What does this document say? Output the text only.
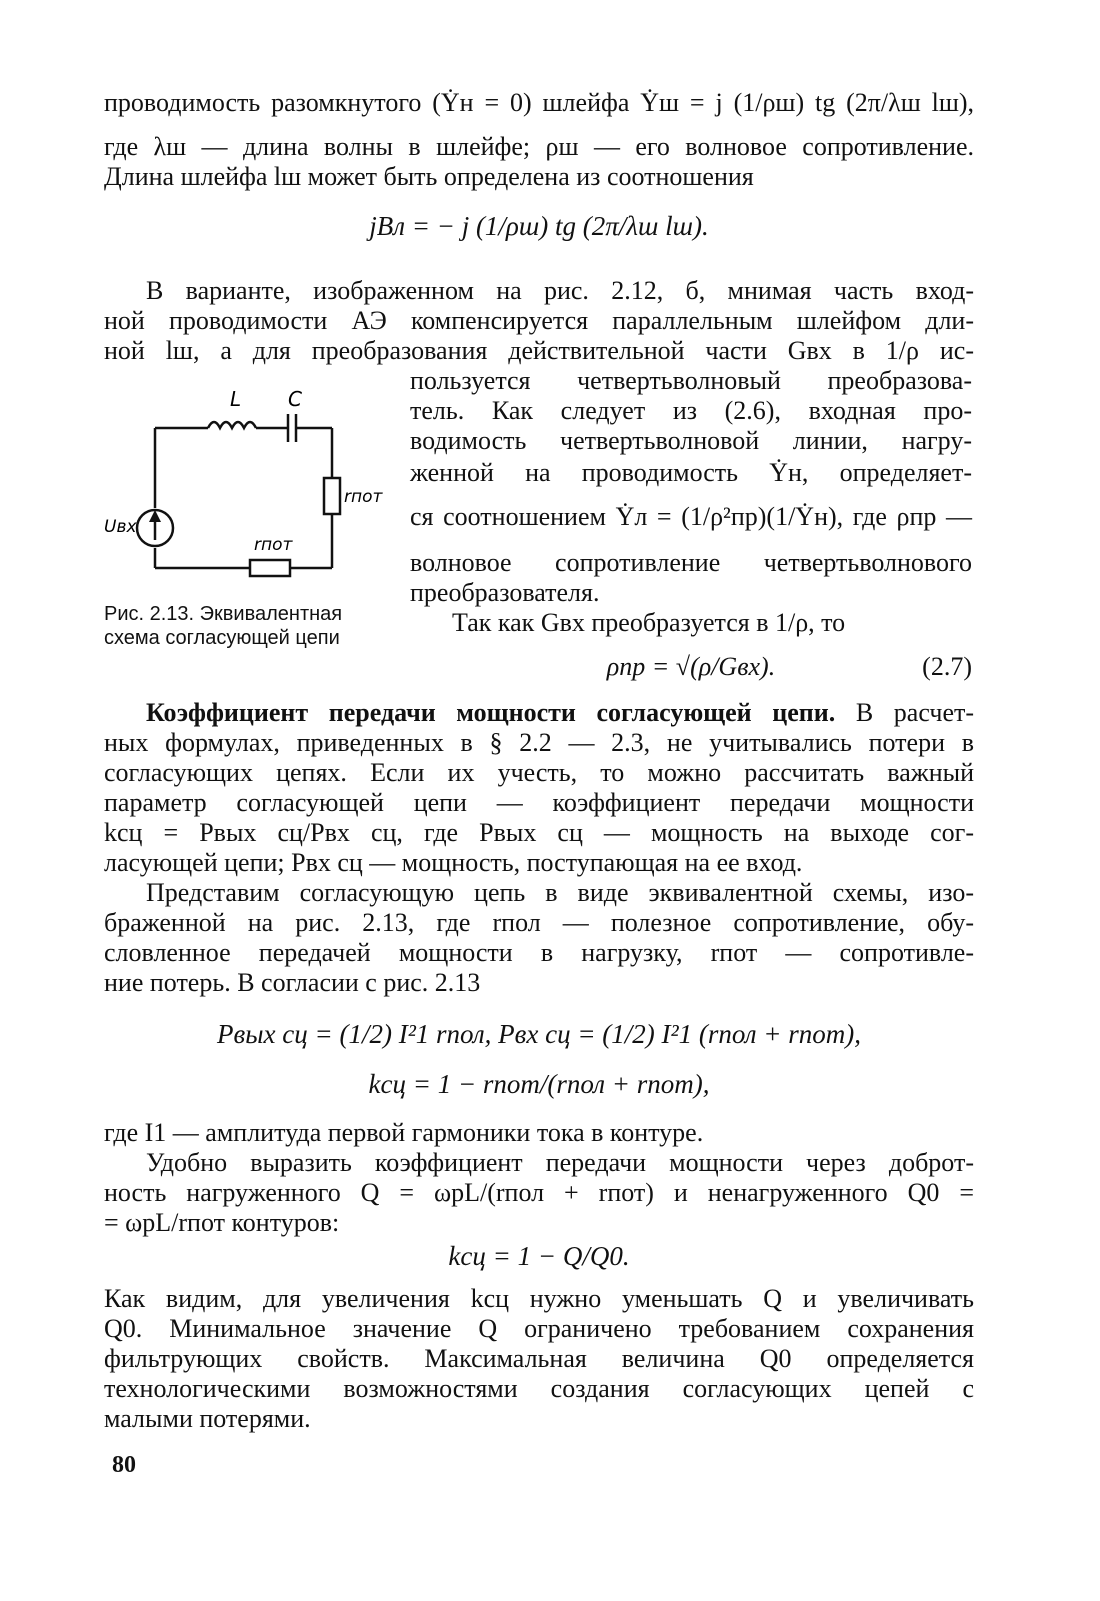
проводимость разомкнутого (Ẏн = 0) шлейфа Ẏш = j (1/ρш) tg (2π/λш lш),
где λш — длина волны в шлейфе; ρш — его волновое сопротивление.
Длина шлейфа lш может быть определена из соотношения
jBл = − j (1/ρш) tg (2π/λш lш).
В варианте, изображенном на рис. 2.12, б, мнимая часть вход-
ной проводимости АЭ компенсируется параллельным шлейфом дли-
ной lш, а для преобразования действительной части Gвх в 1/ρ ис-
пользуется четвертьволновый преобразова-
тель. Как следует из (2.6), входная про-
водимость четвертьволновой линии, нагру-
женной на проводимость Ẏн, определяет-
ся соотношением Ẏл = (1/ρ²пр)(1/Ẏн), где ρпр —
волновое сопротивление четвертьволнового
преобразователя.
Так как Gвх преобразуется в 1/ρ, то
ρпр = √(ρ/Gвх).	(2.7)
L C
rпот
rпот
Uвх
Рис. 2.13. Эквивалентная
схема согласующей цепи
Коэффициент передачи мощности согласующей цепи. В расчет-
ных формулах, приведенных в § 2.2 — 2.3, не учитывались потери в
согласующих цепях. Если их учесть, то можно рассчитать важный
параметр согласующей цепи — коэффициент передачи мощности
kсц = Pвых сц/Pвх сц, где Pвых сц — мощность на выходе сог-
ласующей цепи; Pвх сц — мощность, поступающая на ее вход.
Представим согласующую цепь в виде эквивалентной схемы, изо-
браженной на рис. 2.13, где rпол — полезное сопротивление, обу-
словленное передачей мощности в нагрузку, rпот — сопротивле-
ние потерь. В согласии с рис. 2.13
Pвых сц = (1/2) I²1 rпол, Pвх сц = (1/2) I²1 (rпол + rпот),
kсц = 1 − rпот/(rпол + rпот),
где I1 — амплитуда первой гармоники тока в контуре.
Удобно выразить коэффициент передачи мощности через доброт-
ность нагруженного Q = ωрL/(rпол + rпот) и ненагруженного Q0 =
= ωрL/rпот контуров:
kсц = 1 − Q/Q0.
Как видим, для увеличения kсц нужно уменьшать Q и увеличивать
Q0. Минимальное значение Q ограничено требованием сохранения
фильтрующих свойств. Максимальная величина Q0 определяется
технологическими возможностями создания согласующих цепей с
малыми потерями.
80
